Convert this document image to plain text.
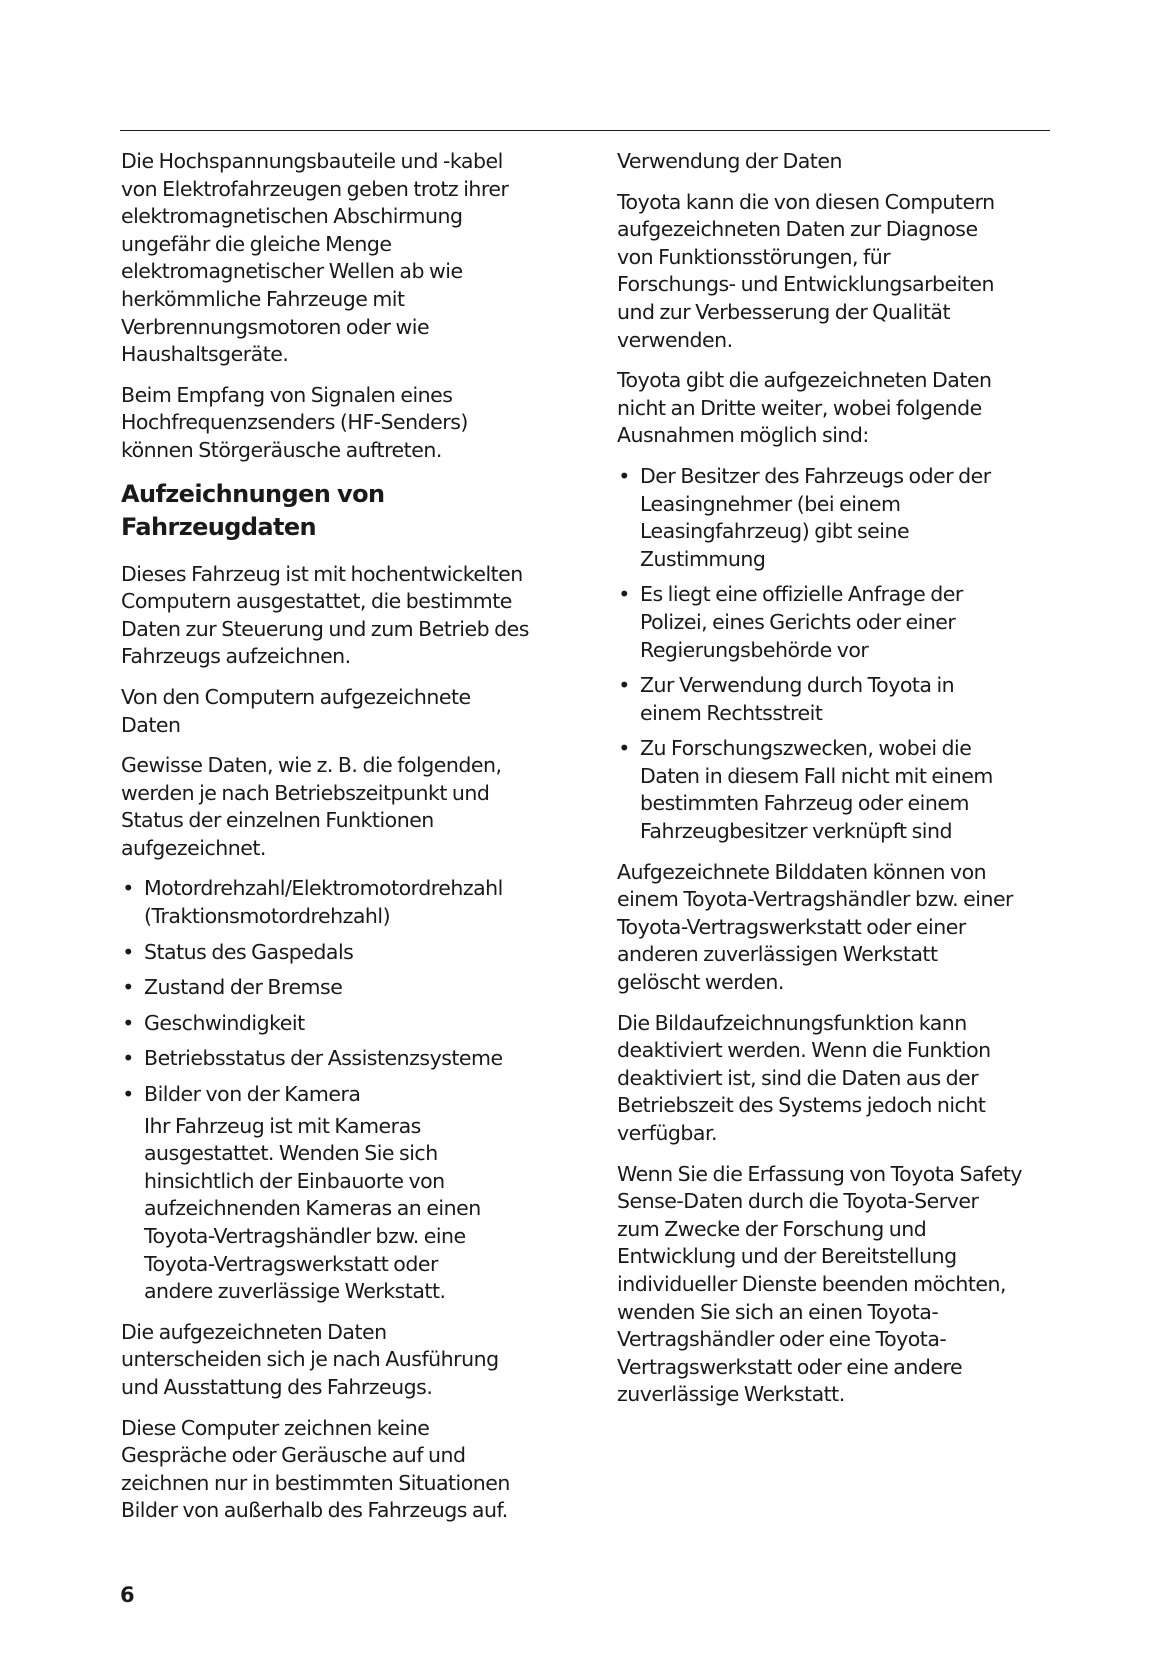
Die Hochspannungsbauteile und -kabel
von Elektrofahrzeugen geben trotz ihrer
elektromagnetischen Abschirmung
ungefähr die gleiche Menge
elektromagnetischer Wellen ab wie
herkömmliche Fahrzeuge mit
Verbrennungsmotoren oder wie
Haushaltsgeräte.

Beim Empfang von Signalen eines
Hochfrequenzsenders (HF-Senders)
können Störgeräusche auftreten.

Aufzeichnungen von
Fahrzeugdaten

Dieses Fahrzeug ist mit hochentwickelten
Computern ausgestattet, die bestimmte
Daten zur Steuerung und zum Betrieb des
Fahrzeugs aufzeichnen.

Von den Computern aufgezeichnete
Daten

Gewisse Daten, wie z. B. die folgenden,
werden je nach Betriebszeitpunkt und
Status der einzelnen Funktionen
aufgezeichnet.

• Motordrehzahl/Elektromotordrehzahl
(Traktionsmotordrehzahl)
• Status des Gaspedals
• Zustand der Bremse
• Geschwindigkeit
• Betriebsstatus der Assistenzsysteme
• Bilder von der Kamera
Ihr Fahrzeug ist mit Kameras
ausgestattet. Wenden Sie sich
hinsichtlich der Einbauorte von
aufzeichnenden Kameras an einen
Toyota-Vertragshändler bzw. eine
Toyota-Vertragswerkstatt oder
andere zuverlässige Werkstatt.

Die aufgezeichneten Daten
unterscheiden sich je nach Ausführung
und Ausstattung des Fahrzeugs.

Diese Computer zeichnen keine
Gespräche oder Geräusche auf und
zeichnen nur in bestimmten Situationen
Bilder von außerhalb des Fahrzeugs auf.

Verwendung der Daten

Toyota kann die von diesen Computern
aufgezeichneten Daten zur Diagnose
von Funktionsstörungen, für
Forschungs- und Entwicklungsarbeiten
und zur Verbesserung der Qualität
verwenden.

Toyota gibt die aufgezeichneten Daten
nicht an Dritte weiter, wobei folgende
Ausnahmen möglich sind:

• Der Besitzer des Fahrzeugs oder der
Leasingnehmer (bei einem
Leasingfahrzeug) gibt seine
Zustimmung
• Es liegt eine offizielle Anfrage der
Polizei, eines Gerichts oder einer
Regierungsbehörde vor
• Zur Verwendung durch Toyota in
einem Rechtsstreit
• Zu Forschungszwecken, wobei die
Daten in diesem Fall nicht mit einem
bestimmten Fahrzeug oder einem
Fahrzeugbesitzer verknüpft sind

Aufgezeichnete Bilddaten können von
einem Toyota-Vertragshändler bzw. einer
Toyota-Vertragswerkstatt oder einer
anderen zuverlässigen Werkstatt
gelöscht werden.

Die Bildaufzeichnungsfunktion kann
deaktiviert werden. Wenn die Funktion
deaktiviert ist, sind die Daten aus der
Betriebszeit des Systems jedoch nicht
verfügbar.

Wenn Sie die Erfassung von Toyota Safety
Sense-Daten durch die Toyota-Server
zum Zwecke der Forschung und
Entwicklung und der Bereitstellung
individueller Dienste beenden möchten,
wenden Sie sich an einen Toyota-
Vertragshändler oder eine Toyota-
Vertragswerkstatt oder eine andere
zuverlässige Werkstatt.

6
